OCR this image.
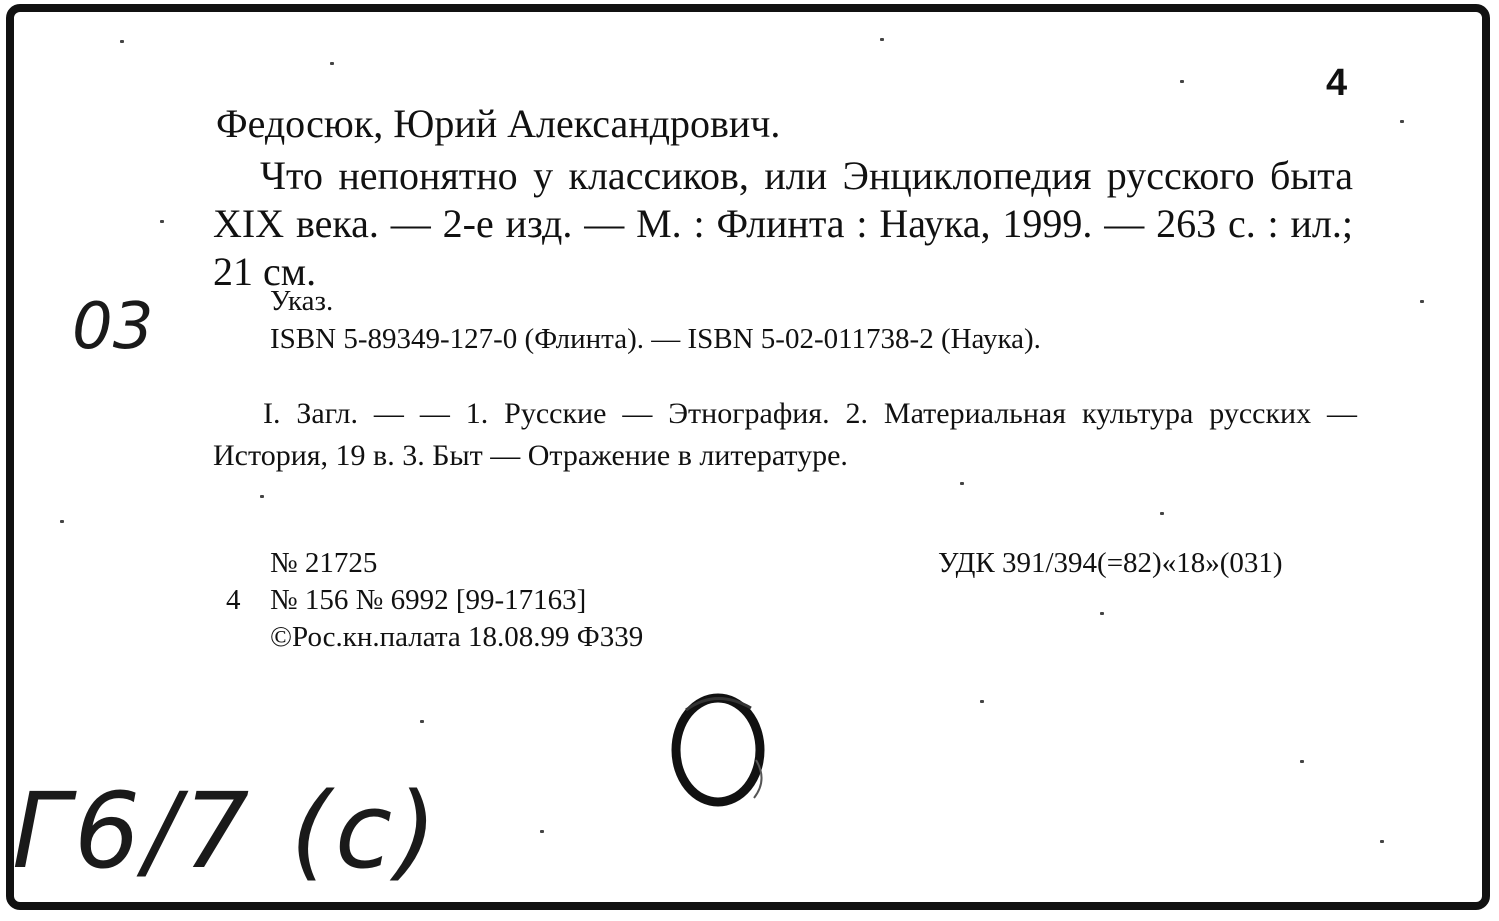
4
Федосюк, Юрий Александрович.
Что непонятно у классиков, или Энциклопедия русского быта XIX века. — 2-е изд. — М. : Флинта : Наука, 1999. — 263 с. : ил.; 21 см.
Указ.
ISBN 5-89349-127-0 (Флинта). — ISBN 5-02-011738-2 (Наука).
I. Загл. — — 1. Русские — Этнография. 2. Материальная культура русских — История, 19 в. 3. Быт — Отражение в литературе.
№ 21725	УДК 391/394(=82)«18»(031)
4 № 156 № 6992 [99-17163]
©Рос.кн.палата 18.08.99 Ф339
03
Г6/7 (с)
